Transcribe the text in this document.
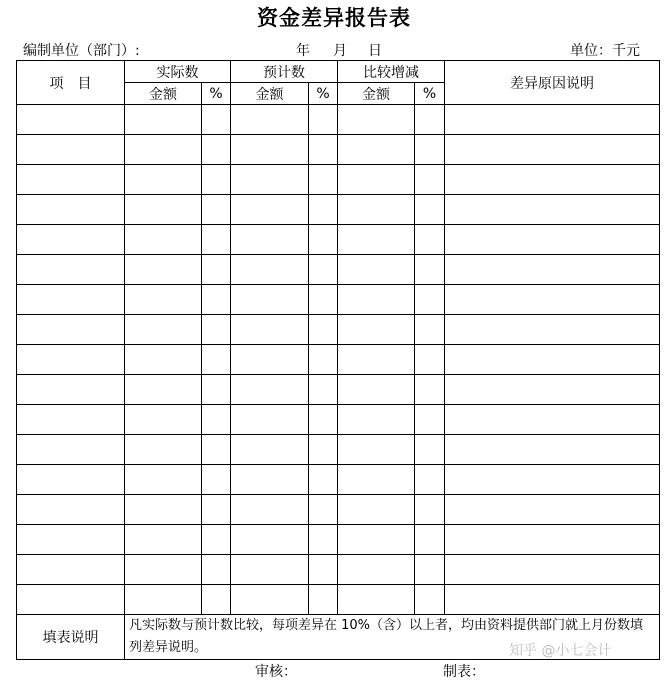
资金差异报告表
编制单位（部门）:	年 月 日	单位：千元
项　目	实际数		预计数		比较增减		差异原因说明
	金额	%	金额	%	金额	%	

填表说明	凡实际数与预计数比较，每项差异在 10%（含）以上者，均由资料提供部门就上月份数填列差异说明。						
审核：	制表：
知乎 @小七会计
